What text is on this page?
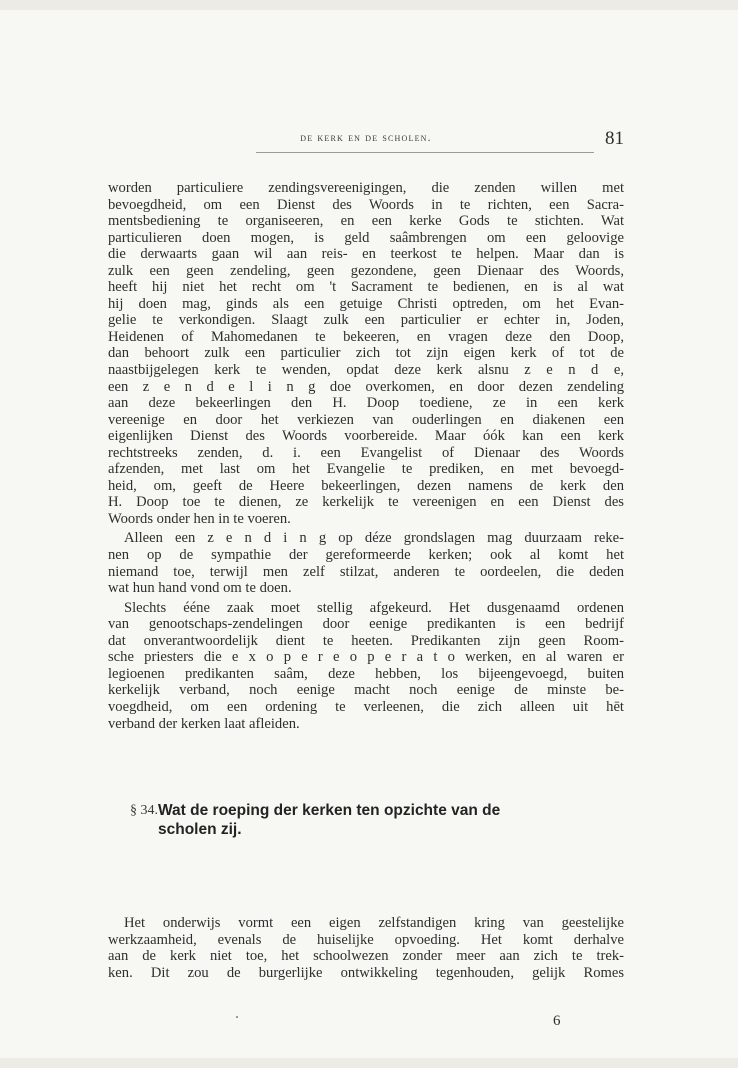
de kerk en de scholen.	81
worden particuliere zendingsvereenigingen, die zenden willen met
bevoegdheid, om een Dienst des Woords in te richten, een Sacra-
mentsbediening te organiseeren, en een kerke Gods te stichten. Wat
particulieren doen mogen, is geld saâmbrengen om een geloovige
die derwaarts gaan wil aan reis- en teerkost te helpen. Maar dan is
zulk een geen zendeling, geen gezondene, geen Dienaar des Woords,
heeft hij niet het recht om 't Sacrament te bedienen, en is al wat
hij doen mag, ginds als een getuige Christi optreden, om het Evan-
gelie te verkondigen. Slaagt zulk een particulier er echter in, Joden,
Heidenen of Mahomedanen te bekeeren, en vragen deze den Doop,
dan behoort zulk een particulier zich tot zijn eigen kerk of tot de
naastbijgelegen kerk te wenden, opdat deze kerk alsnu z e n d e,
een z e n d e l i n g doe overkomen, en door dezen zendeling
aan deze bekeerlingen den H. Doop toediene, ze in een kerk
vereenige en door het verkiezen van ouderlingen en diakenen een
eigenlijken Dienst des Woords voorbereide. Maar óók kan een kerk
rechtstreeks zenden, d. i. een Evangelist of Dienaar des Woords
afzenden, met last om het Evangelie te prediken, en met bevoegd-
heid, om, geeft de Heere bekeerlingen, dezen namens de kerk den
H. Doop toe te dienen, ze kerkelijk te vereenigen en een Dienst des
Woords onder hen in te voeren.
Alleen een z e n d i n g op déze grondslagen mag duurzaam reke-
nen op de sympathie der gereformeerde kerken; ook al komt het
niemand toe, terwijl men zelf stilzat, anderen te oordeelen, die deden
wat hun hand vond om te doen.
Slechts ééne zaak moet stellig afgekeurd. Het dusgenaamd ordenen
van genootschaps-zendelingen door eenige predikanten is een bedrijf
dat onverantwoordelijk dient te heeten. Predikanten zijn geen Room-
sche priesters die e x o p e r e o p e r a t o werken, en al waren er
legioenen predikanten saâm, deze hebben, los bijeengevoegd, buiten
kerkelijk verband, noch eenige macht noch eenige de minste be-
voegdheid, om een ordening te verleenen, die zich alleen uit hēt
verband der kerken laat afleiden.
§ 34. Wat de roeping der kerken ten opzichte van de
scholen zij.
Het onderwijs vormt een eigen zelfstandigen kring van geestelijke
werkzaamheid, evenals de huiselijke opvoeding. Het komt derhalve
aan de kerk niet toe, het schoolwezen zonder meer aan zich te trek-
ken. Dit zou de burgerlijke ontwikkeling tegenhouden, gelijk Romes
6
